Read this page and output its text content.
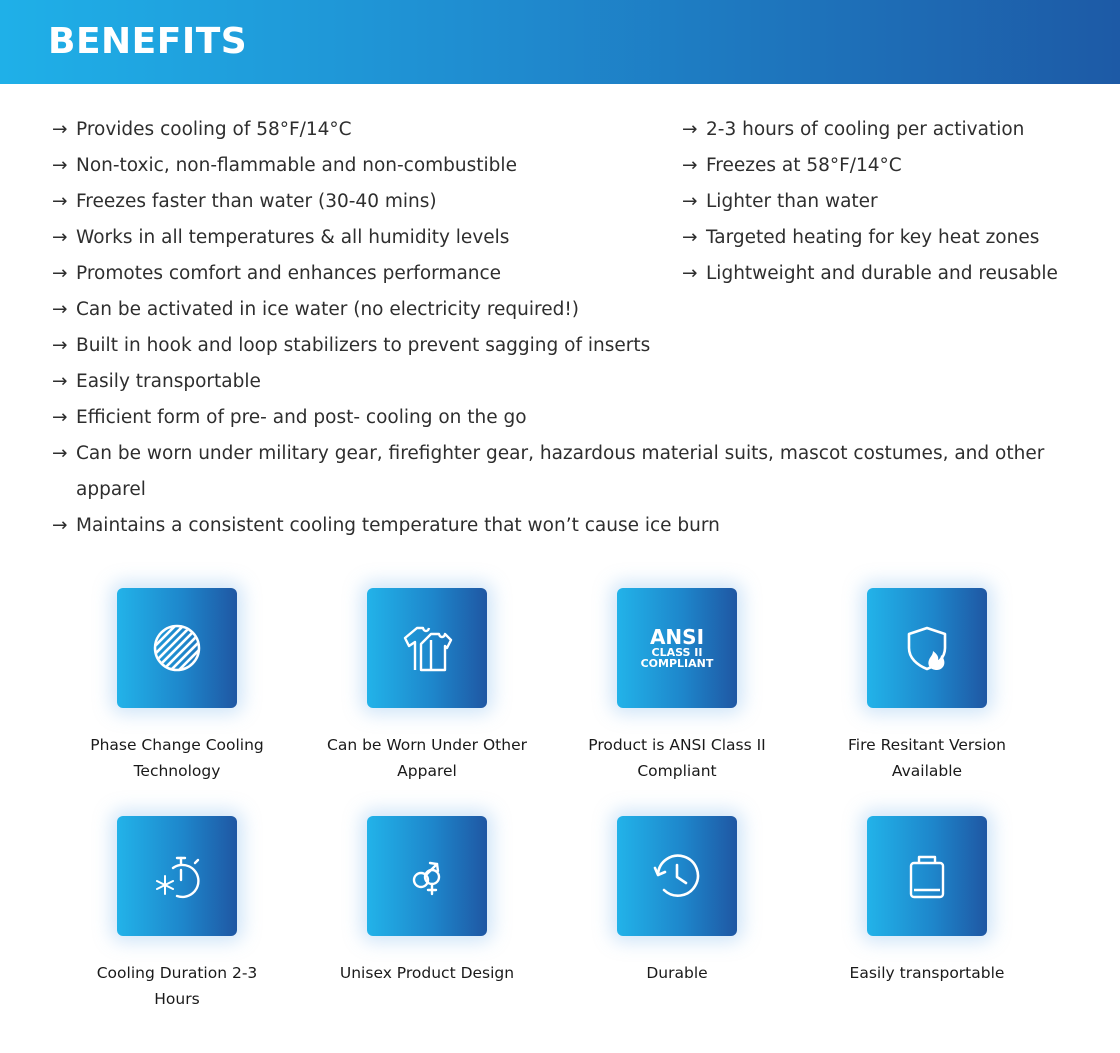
BENEFITS
→ Provides cooling of 58°F/14°C
→ Non-toxic, non-flammable and non-combustible
→ Freezes faster than water (30-40 mins)
→ Works in all temperatures & all humidity levels
→ Promotes comfort and enhances performance
→ Can be activated in ice water (no electricity required!)
→ Built in hook and loop stabilizers to prevent sagging of inserts
→ Easily transportable
→ Efficient form of pre- and post- cooling on the go
→ Can be worn under military gear, firefighter gear, hazardous material suits, mascot costumes, and other apparel
→ Maintains a consistent cooling temperature that won’t cause ice burn
→ 2-3 hours of cooling per activation
→ Freezes at 58°F/14°C
→ Lighter than water
→ Targeted heating for key heat zones
→ Lightweight and durable and reusable
Phase Change Cooling Technology
Can be Worn Under Other Apparel
ANSI
CLASS II
COMPLIANT
Product is ANSI Class II Compliant
Fire Resitant Version Available
Cooling Duration 2-3 Hours
Unisex Product Design	Durable	Easily transportable
